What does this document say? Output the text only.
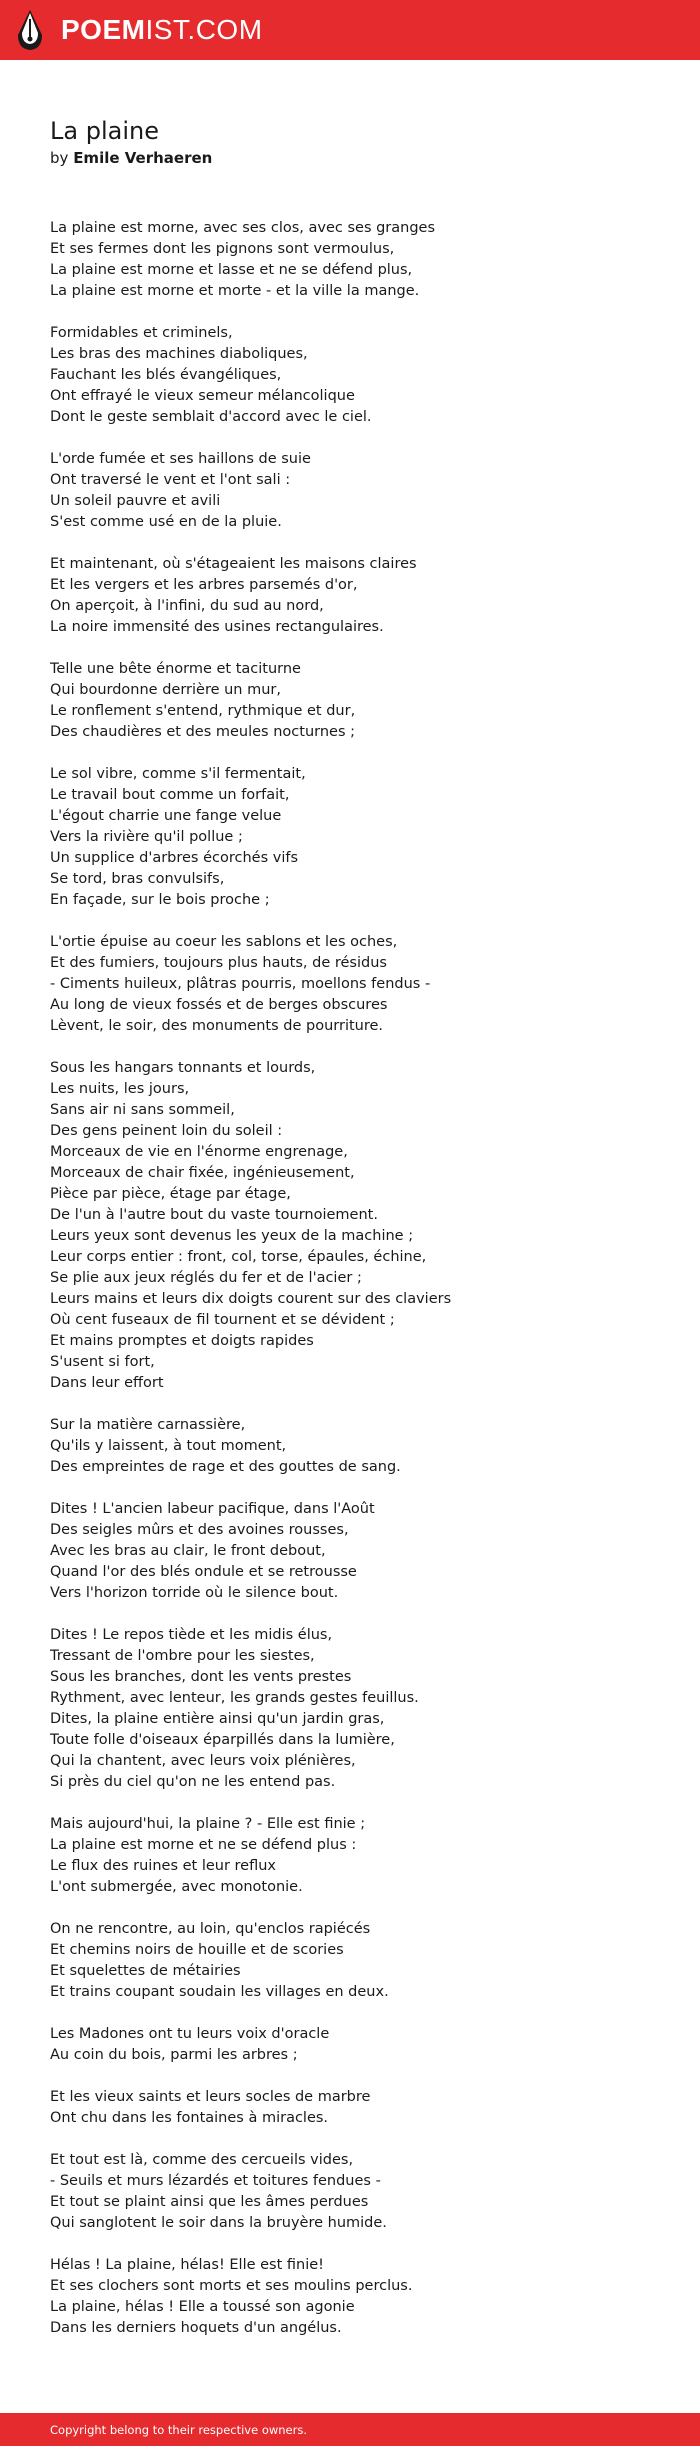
POEMIST.COM
La plaine
by Emile Verhaeren
La plaine est morne, avec ses clos, avec ses granges
Et ses fermes dont les pignons sont vermoulus,
La plaine est morne et lasse et ne se défend plus,
La plaine est morne et morte - et la ville la mange.
Formidables et criminels,
Les bras des machines diaboliques,
Fauchant les blés évangéliques,
Ont effrayé le vieux semeur mélancolique
Dont le geste semblait d'accord avec le ciel.
L'orde fumée et ses haillons de suie
Ont traversé le vent et l'ont sali :
Un soleil pauvre et avili
S'est comme usé en de la pluie.
Et maintenant, où s'étageaient les maisons claires
Et les vergers et les arbres parsemés d'or,
On aperçoit, à l'infini, du sud au nord,
La noire immensité des usines rectangulaires.
Telle une bête énorme et taciturne
Qui bourdonne derrière un mur,
Le ronflement s'entend, rythmique et dur,
Des chaudières et des meules nocturnes ;
Le sol vibre, comme s'il fermentait,
Le travail bout comme un forfait,
L'égout charrie une fange velue
Vers la rivière qu'il pollue ;
Un supplice d'arbres écorchés vifs
Se tord, bras convulsifs,
En façade, sur le bois proche ;
L'ortie épuise au coeur les sablons et les oches,
Et des fumiers, toujours plus hauts, de résidus
- Ciments huileux, plâtras pourris, moellons fendus -
Au long de vieux fossés et de berges obscures
Lèvent, le soir, des monuments de pourriture.
Sous les hangars tonnants et lourds,
Les nuits, les jours,
Sans air ni sans sommeil,
Des gens peinent loin du soleil :
Morceaux de vie en l'énorme engrenage,
Morceaux de chair fixée, ingénieusement,
Pièce par pièce, étage par étage,
De l'un à l'autre bout du vaste tournoiement.
Leurs yeux sont devenus les yeux de la machine ;
Leur corps entier : front, col, torse, épaules, échine,
Se plie aux jeux réglés du fer et de l'acier ;
Leurs mains et leurs dix doigts courent sur des claviers
Où cent fuseaux de fil tournent et se dévident ;
Et mains promptes et doigts rapides
S'usent si fort,
Dans leur effort
Sur la matière carnassière,
Qu'ils y laissent, à tout moment,
Des empreintes de rage et des gouttes de sang.
Dites ! L'ancien labeur pacifique, dans l'Août
Des seigles mûrs et des avoines rousses,
Avec les bras au clair, le front debout,
Quand l'or des blés ondule et se retrousse
Vers l'horizon torride où le silence bout.
Dites ! Le repos tiède et les midis élus,
Tressant de l'ombre pour les siestes,
Sous les branches, dont les vents prestes
Rythment, avec lenteur, les grands gestes feuillus.
Dites, la plaine entière ainsi qu'un jardin gras,
Toute folle d'oiseaux éparpillés dans la lumière,
Qui la chantent, avec leurs voix plénières,
Si près du ciel qu'on ne les entend pas.
Mais aujourd'hui, la plaine ? - Elle est finie ;
La plaine est morne et ne se défend plus :
Le flux des ruines et leur reflux
L'ont submergée, avec monotonie.
On ne rencontre, au loin, qu'enclos rapiécés
Et chemins noirs de houille et de scories
Et squelettes de métairies
Et trains coupant soudain les villages en deux.
Les Madones ont tu leurs voix d'oracle
Au coin du bois, parmi les arbres ;
Et les vieux saints et leurs socles de marbre
Ont chu dans les fontaines à miracles.
Et tout est là, comme des cercueils vides,
- Seuils et murs lézardés et toitures fendues -
Et tout se plaint ainsi que les âmes perdues
Qui sanglotent le soir dans la bruyère humide.
Hélas ! La plaine, hélas! Elle est finie!
Et ses clochers sont morts et ses moulins perclus.
La plaine, hélas ! Elle a toussé son agonie
Dans les derniers hoquets d'un angélus.
Copyright belong to their respective owners.
